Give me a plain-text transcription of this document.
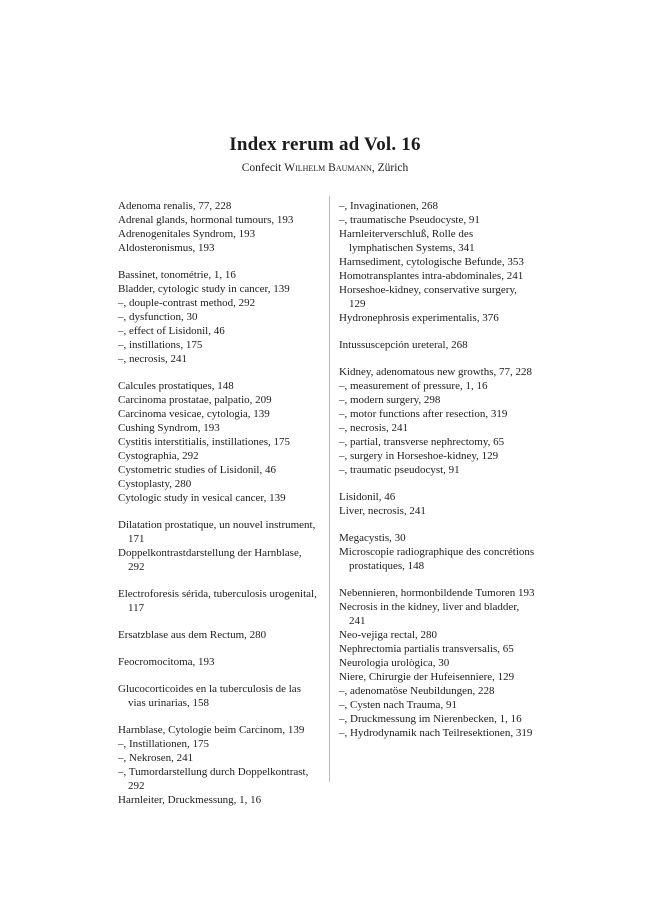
Index rerum ad Vol. 16
Confecit Wilhelm Baumann, Zürich
Adenoma renalis, 77, 228
Adrenal glands, hormonal tumours, 193
Adrenogenitales Syndrom, 193
Aldosteronismus, 193
Bassinet, tonométrie, 1, 16
Bladder, cytologic study in cancer, 139
–, douple-contrast method, 292
–, dysfunction, 30
–, effect of Lisidonil, 46
–, instillations, 175
–, necrosis, 241
Calcules prostatiques, 148
Carcinoma prostatae, palpatio, 209
Carcinoma vesicae, cytologia, 139
Cushing Syndrom, 193
Cystitis interstitialis, instillationes, 175
Cystographia, 292
Cystometric studies of Lisidonil, 46
Cystoplasty, 280
Cytologic study in vesical cancer, 139
Dilatation prostatique, un nouvel instrument, 171
Doppelkontrastdarstellung der Harnblase, 292
Electroforesis sérida, tuberculosis urogenital, 117
Ersatzblase aus dem Rectum, 280
Feocromocitoma, 193
Glucocorticoides en la tuberculosis de las vias urinarias, 158
Harnblase, Cytologie beim Carcinom, 139
–, Instillationen, 175
–, Nekrosen, 241
–, Tumordarstellung durch Doppelkontrast, 292
Harnleiter, Druckmessung, 1, 16
–, Invaginationen, 268
–, traumatische Pseudocyste, 91
Harnleiterverschluß, Rolle des lymphatischen Systems, 341
Harnsediment, cytologische Befunde, 353
Homotransplantes intra-abdominales, 241
Horseshoe-kidney, conservative surgery, 129
Hydronephrosis experimentalis, 376
Intussuscepción ureteral, 268
Kidney, adenomatous new growths, 77, 228
–, measurement of pressure, 1, 16
–, modern surgery, 298
–, motor functions after resection, 319
–, necrosis, 241
–, partial, transverse nephrectomy, 65
–, surgery in Horseshoe-kidney, 129
–, traumatic pseudocyst, 91
Lisidonil, 46
Liver, necrosis, 241
Megacystis, 30
Microscopie radiographique des concrétions prostatiques, 148
Nebennieren, hormonbildende Tumoren 193
Necrosis in the kidney, liver and bladder, 241
Neo-vejiga rectal, 280
Nephrectomia partialis transversalis, 65
Neurologia urològica, 30
Niere, Chirurgie der Hufeisenniere, 129
–, adenomatöse Neubildungen, 228
–, Cysten nach Trauma, 91
–, Druckmessung im Nierenbecken, 1, 16
–, Hydrodynamik nach Teilresektionen, 319
